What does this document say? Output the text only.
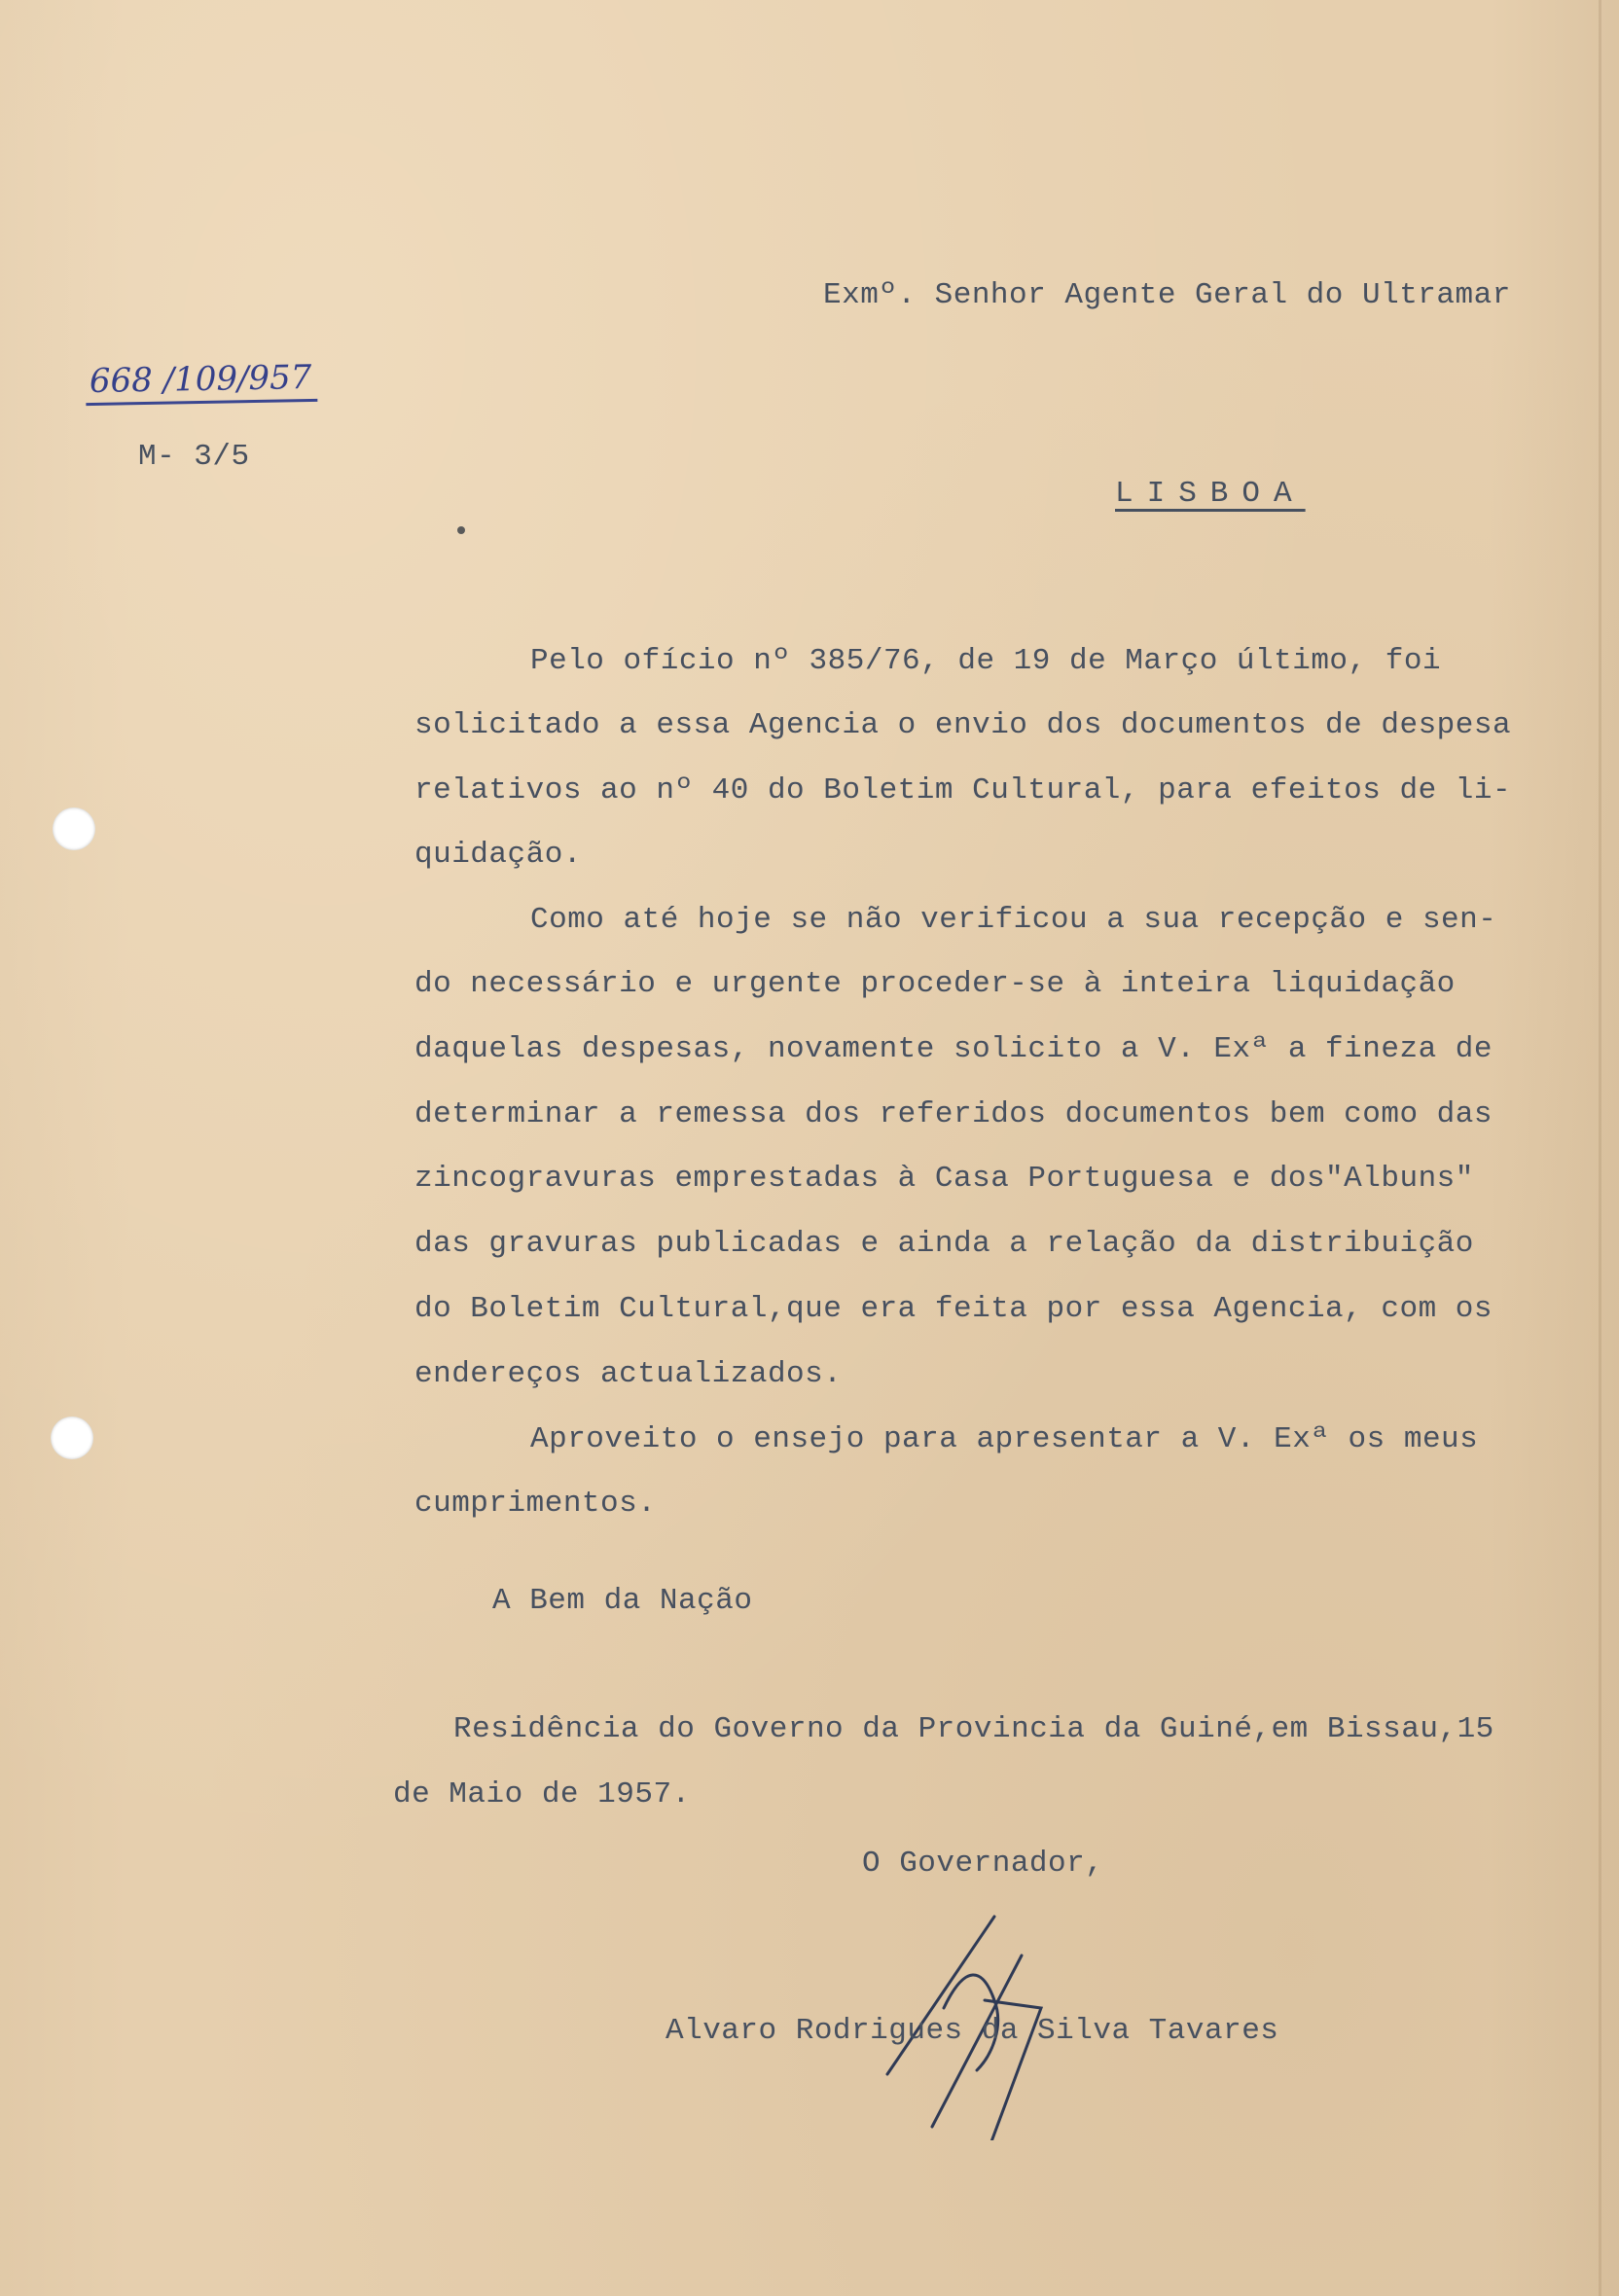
Exmº. Senhor Agente Geral do Ultramar
668 /109/957
M- 3/5
LISBOA
Pelo ofício nº 385/76, de 19 de Março último, foi
solicitado a essa Agencia o envio dos documentos de despesa
relativos ao nº 40 do Boletim Cultural, para efeitos de li-
quidação.
Como até hoje se não verificou a sua recepção e sen-
do necessário e urgente proceder-se à inteira liquidação
daquelas despesas, novamente solicito a V. Exª a fineza de
determinar a remessa dos referidos documentos bem como das
zincogravuras emprestadas à Casa Portuguesa e dos"Albuns"
das gravuras publicadas e ainda a relação da distribuição
do Boletim Cultural,que era feita por essa Agencia, com os
endereços actualizados.
Aproveito o ensejo para apresentar a V. Exª os meus
cumprimentos.
A Bem da Nação
Residência do Governo da Provincia da Guiné,em Bissau,15
de Maio de 1957.
O Governador,
Alvaro Rodrigues da Silva Tavares
